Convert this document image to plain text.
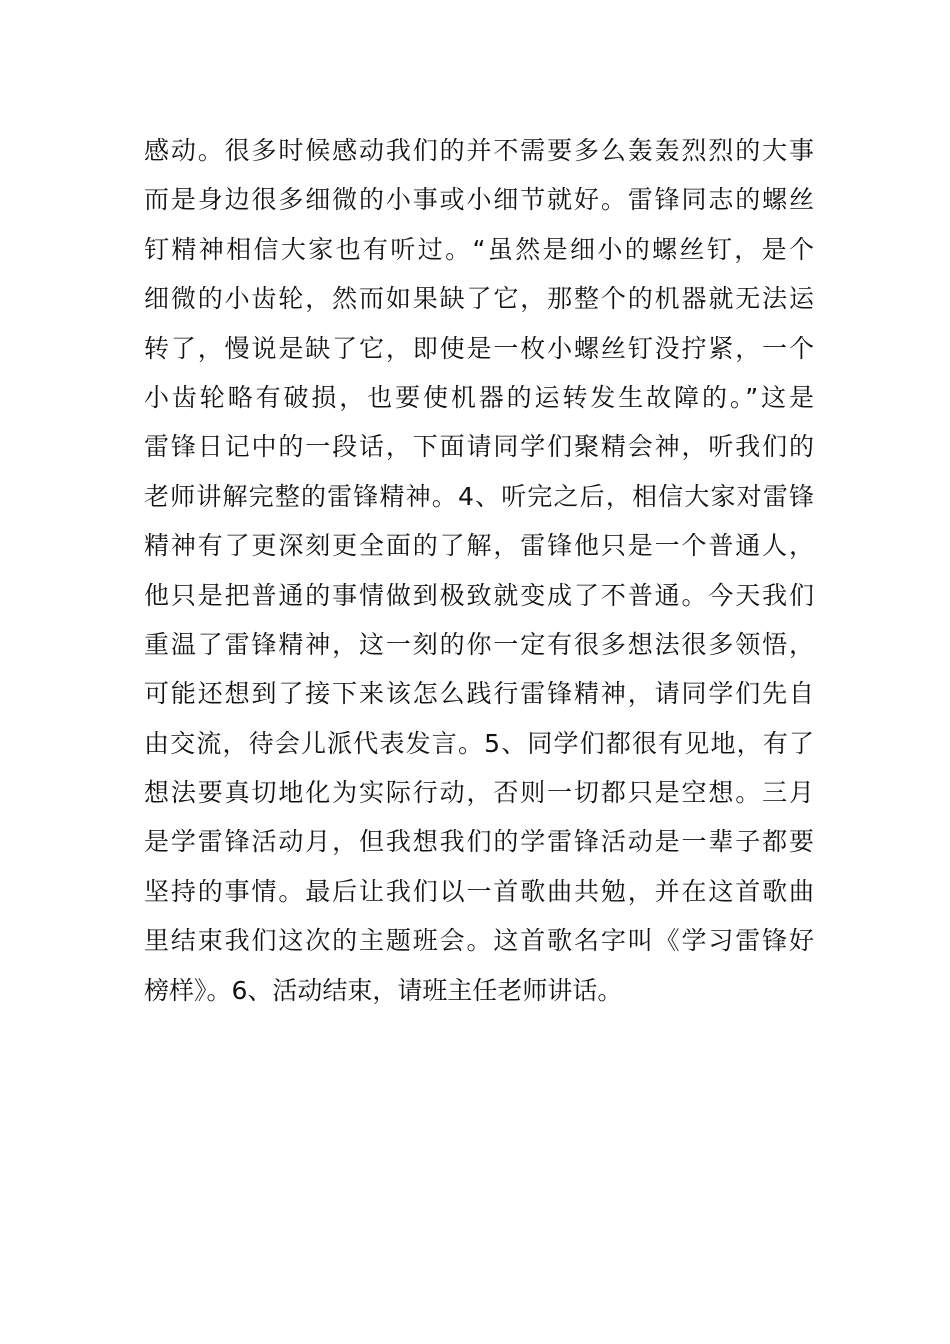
感动。很多时候感动我们的并不需要多么轰轰烈烈的大事
而是身边很多细微的小事或小细节就好。雷锋同志的螺丝
钉精神相信大家也有听过。“虽然是细小的螺丝钉，是个
细微的小齿轮，然而如果缺了它，那整个的机器就无法运
转了，慢说是缺了它，即使是一枚小螺丝钉没拧紧，一个
小齿轮略有破损，也要使机器的运转发生故障的。”这是
雷锋日记中的一段话，下面请同学们聚精会神，听我们的
老师讲解完整的雷锋精神。4、听完之后，相信大家对雷锋
精神有了更深刻更全面的了解，雷锋他只是一个普通人，
他只是把普通的事情做到极致就变成了不普通。今天我们
重温了雷锋精神，这一刻的你一定有很多想法很多领悟，
可能还想到了接下来该怎么践行雷锋精神，请同学们先自
由交流，待会儿派代表发言。5、同学们都很有见地，有了
想法要真切地化为实际行动，否则一切都只是空想。三月
是学雷锋活动月，但我想我们的学雷锋活动是一辈子都要
坚持的事情。最后让我们以一首歌曲共勉，并在这首歌曲
里结束我们这次的主题班会。这首歌名字叫《学习雷锋好
榜样》。6、活动结束，请班主任老师讲话。
